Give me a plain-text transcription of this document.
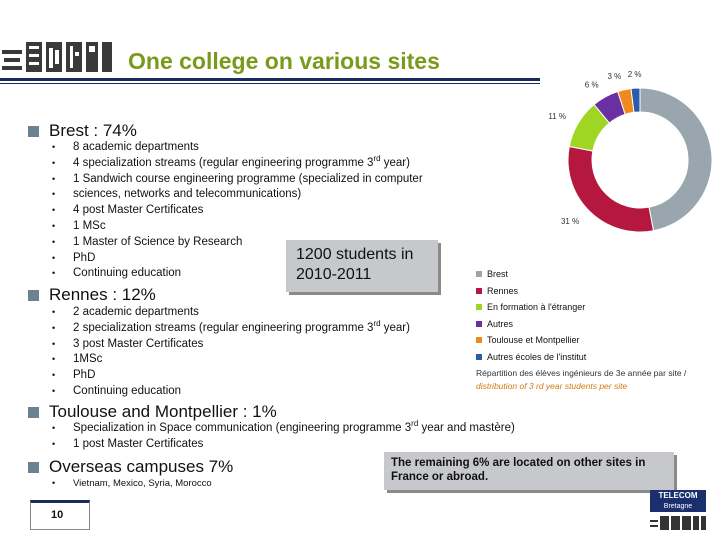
One college on various sites
Brest : 74%
• 8 academic departments
• 4 specialization streams (regular engineering programme 3rd year)
• 1 Sandwich course engineering programme (specialized in computer
• sciences, networks and telecommunications)
• 4 post Master Certificates
• 1 MSc
• 1 Master of Science by Research
• PhD
• Continuing education
Rennes : 12%
• 2 academic departments
• 2 specialization streams (regular engineering programme 3rd year)
• 3 post Master Certificates
• 1MSc
• PhD
• Continuing education
Toulouse and Montpellier : 1%
• Specialization in Space communication (engineering programme 3rd year and mastère)
• 1 post Master Certificates
Overseas campuses 7%
• Vietnam, Mexico, Syria, Morocco
1200 students in 2010-2011
The remaining 6% are located on other sites in France or abroad.
31 %
11 %
6 %
3 % 2 %
Brest
Rennes
En formation à l'étranger
Autres
Toulouse et Montpellier
Autres écoles de l'institut
Répartition des élèves ingénieurs de 3e année par site /
distribution of 3 rd year students per site
10
TELECOM
Bretagne
